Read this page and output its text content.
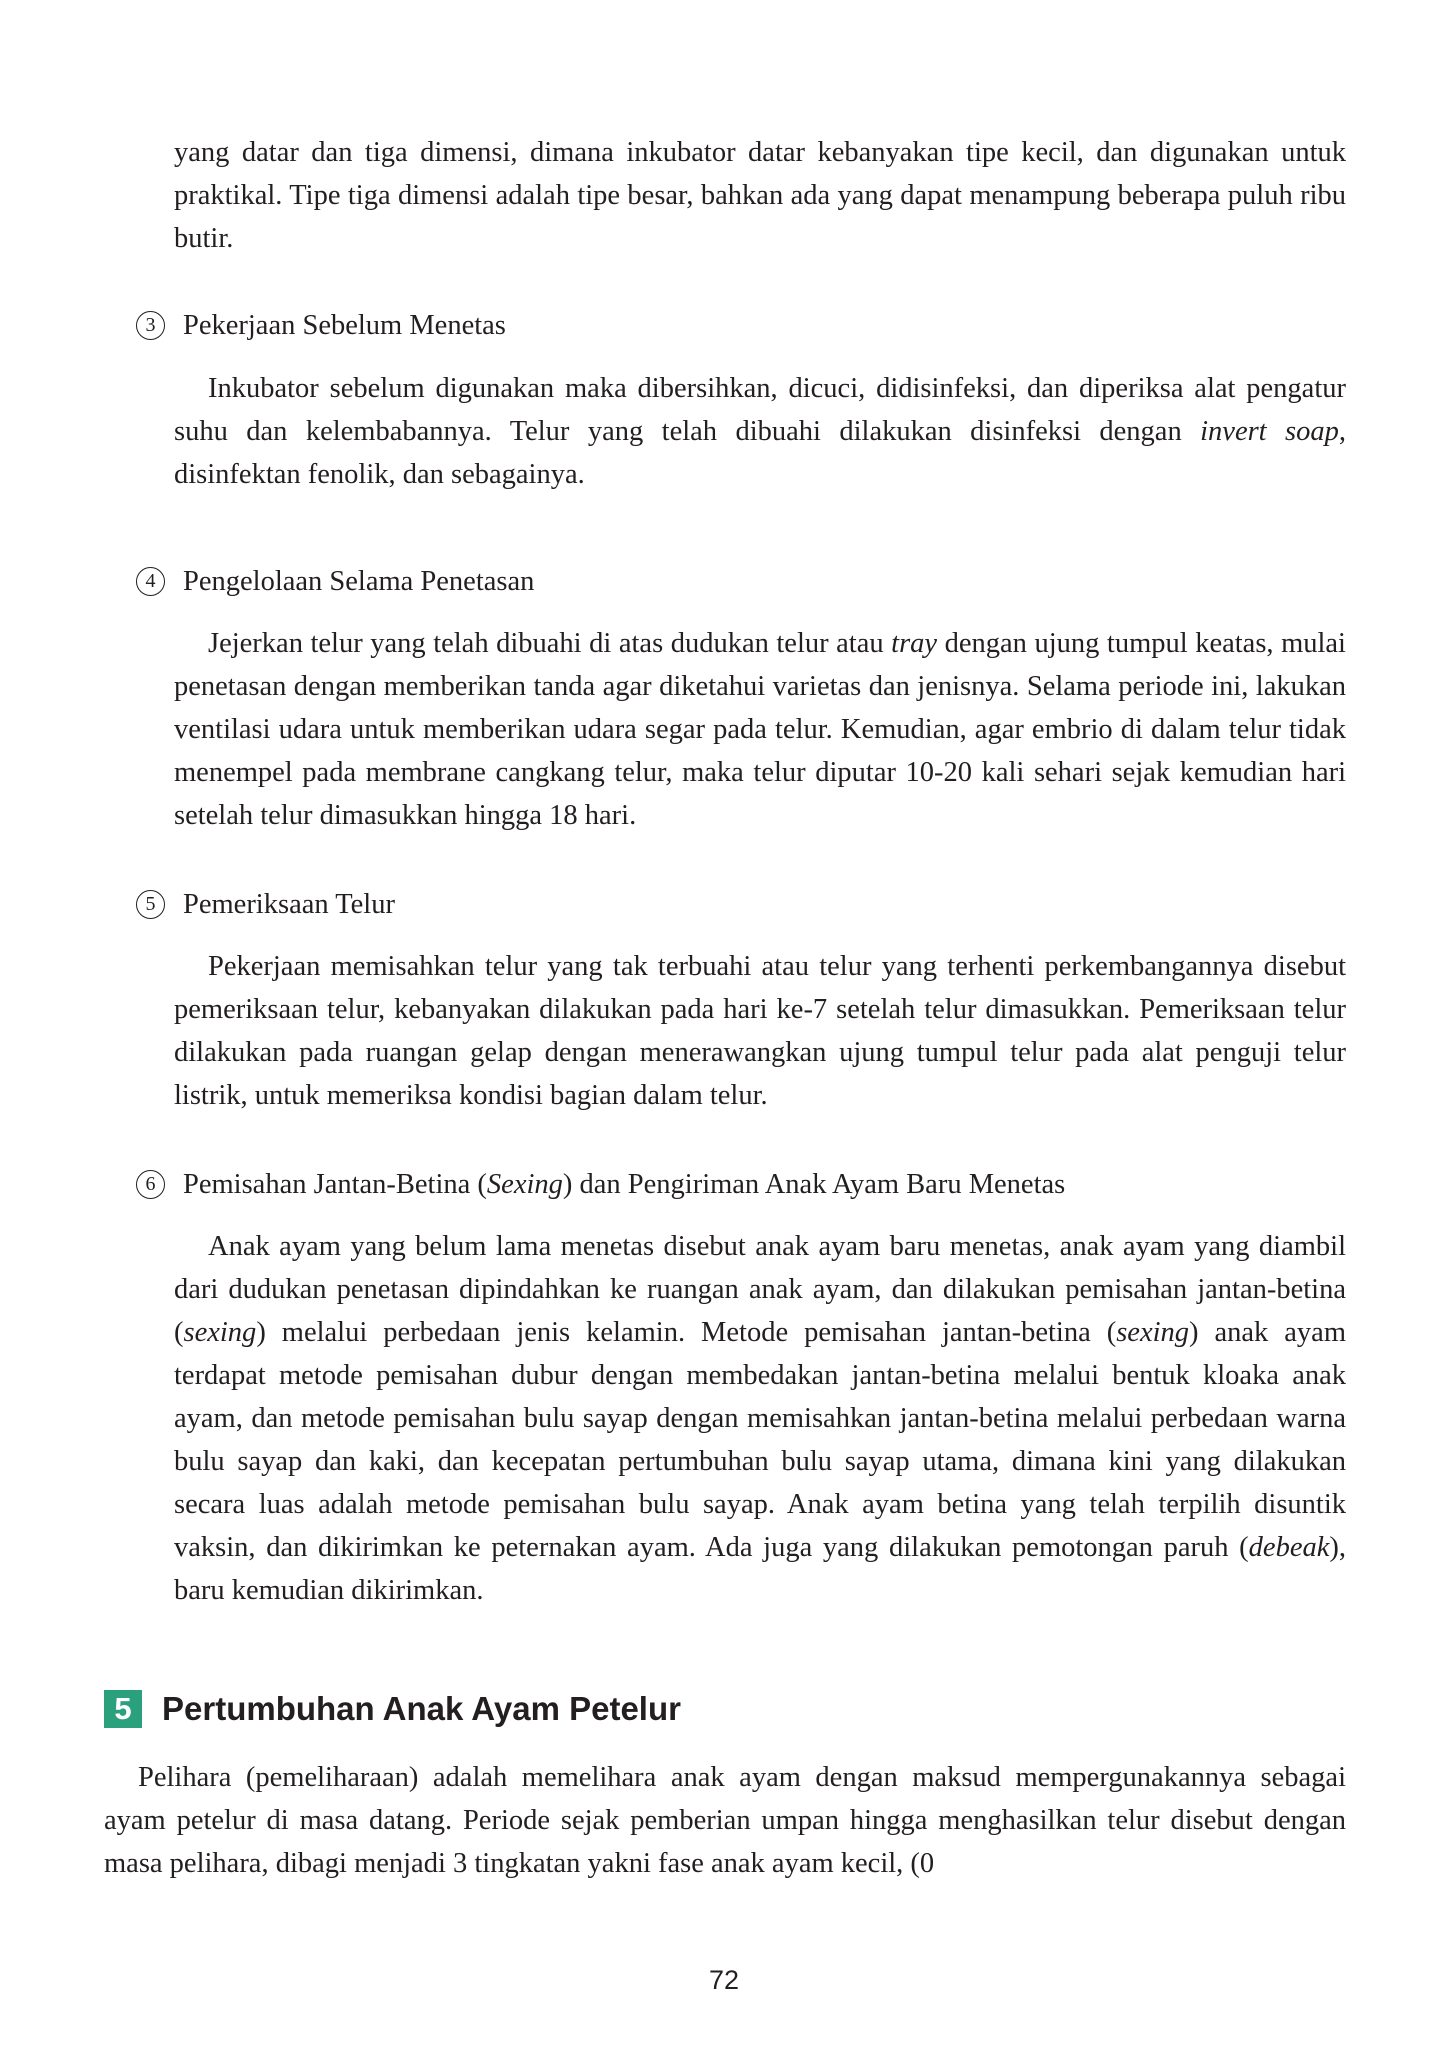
yang datar dan tiga dimensi, dimana inkubator datar kebanyakan tipe kecil, dan digunakan untuk praktikal. Tipe tiga dimensi adalah tipe besar, bahkan ada yang dapat menampung beberapa puluh ribu butir.

3 Pekerjaan Sebelum Menetas

Inkubator sebelum digunakan maka dibersihkan, dicuci, didisinfeksi, dan diperiksa alat pengatur suhu dan kelembabannya. Telur yang telah dibuahi dilakukan disinfeksi dengan invert soap, disinfektan fenolik, dan sebagainya.

4 Pengelolaan Selama Penetasan

Jejerkan telur yang telah dibuahi di atas dudukan telur atau tray dengan ujung tumpul keatas, mulai penetasan dengan memberikan tanda agar diketahui varietas dan jenisnya. Selama periode ini, lakukan ventilasi udara untuk memberikan udara segar pada telur. Kemudian, agar embrio di dalam telur tidak menempel pada membrane cangkang telur, maka telur diputar 10-20 kali sehari sejak kemudian hari setelah telur dimasukkan hingga 18 hari.

5 Pemeriksaan Telur

Pekerjaan memisahkan telur yang tak terbuahi atau telur yang terhenti perkembangannya disebut pemeriksaan telur, kebanyakan dilakukan pada hari ke-7 setelah telur dimasukkan. Pemeriksaan telur dilakukan pada ruangan gelap dengan menerawangkan ujung tumpul telur pada alat penguji telur listrik, untuk memeriksa kondisi bagian dalam telur.

6 Pemisahan Jantan-Betina (Sexing) dan Pengiriman Anak Ayam Baru Menetas

Anak ayam yang belum lama menetas disebut anak ayam baru menetas, anak ayam yang diambil dari dudukan penetasan dipindahkan ke ruangan anak ayam, dan dilakukan pemisahan jantan-betina (sexing) melalui perbedaan jenis kelamin. Metode pemisahan jantan-betina (sexing) anak ayam terdapat metode pemisahan dubur dengan membedakan jantan-betina melalui bentuk kloaka anak ayam, dan metode pemisahan bulu sayap dengan memisahkan jantan-betina melalui perbedaan warna bulu sayap dan kaki, dan kecepatan pertumbuhan bulu sayap utama, dimana kini yang dilakukan secara luas adalah metode pemisahan bulu sayap. Anak ayam betina yang telah terpilih disuntik vaksin, dan dikirimkan ke peternakan ayam. Ada juga yang dilakukan pemotongan paruh (debeak), baru kemudian dikirimkan.

5 Pertumbuhan Anak Ayam Petelur

Pelihara (pemeliharaan) adalah memelihara anak ayam dengan maksud mempergunakannya sebagai ayam petelur di masa datang. Periode sejak pemberian umpan hingga menghasilkan telur disebut dengan masa pelihara, dibagi menjadi 3 tingkatan yakni fase anak ayam kecil, (0

72
